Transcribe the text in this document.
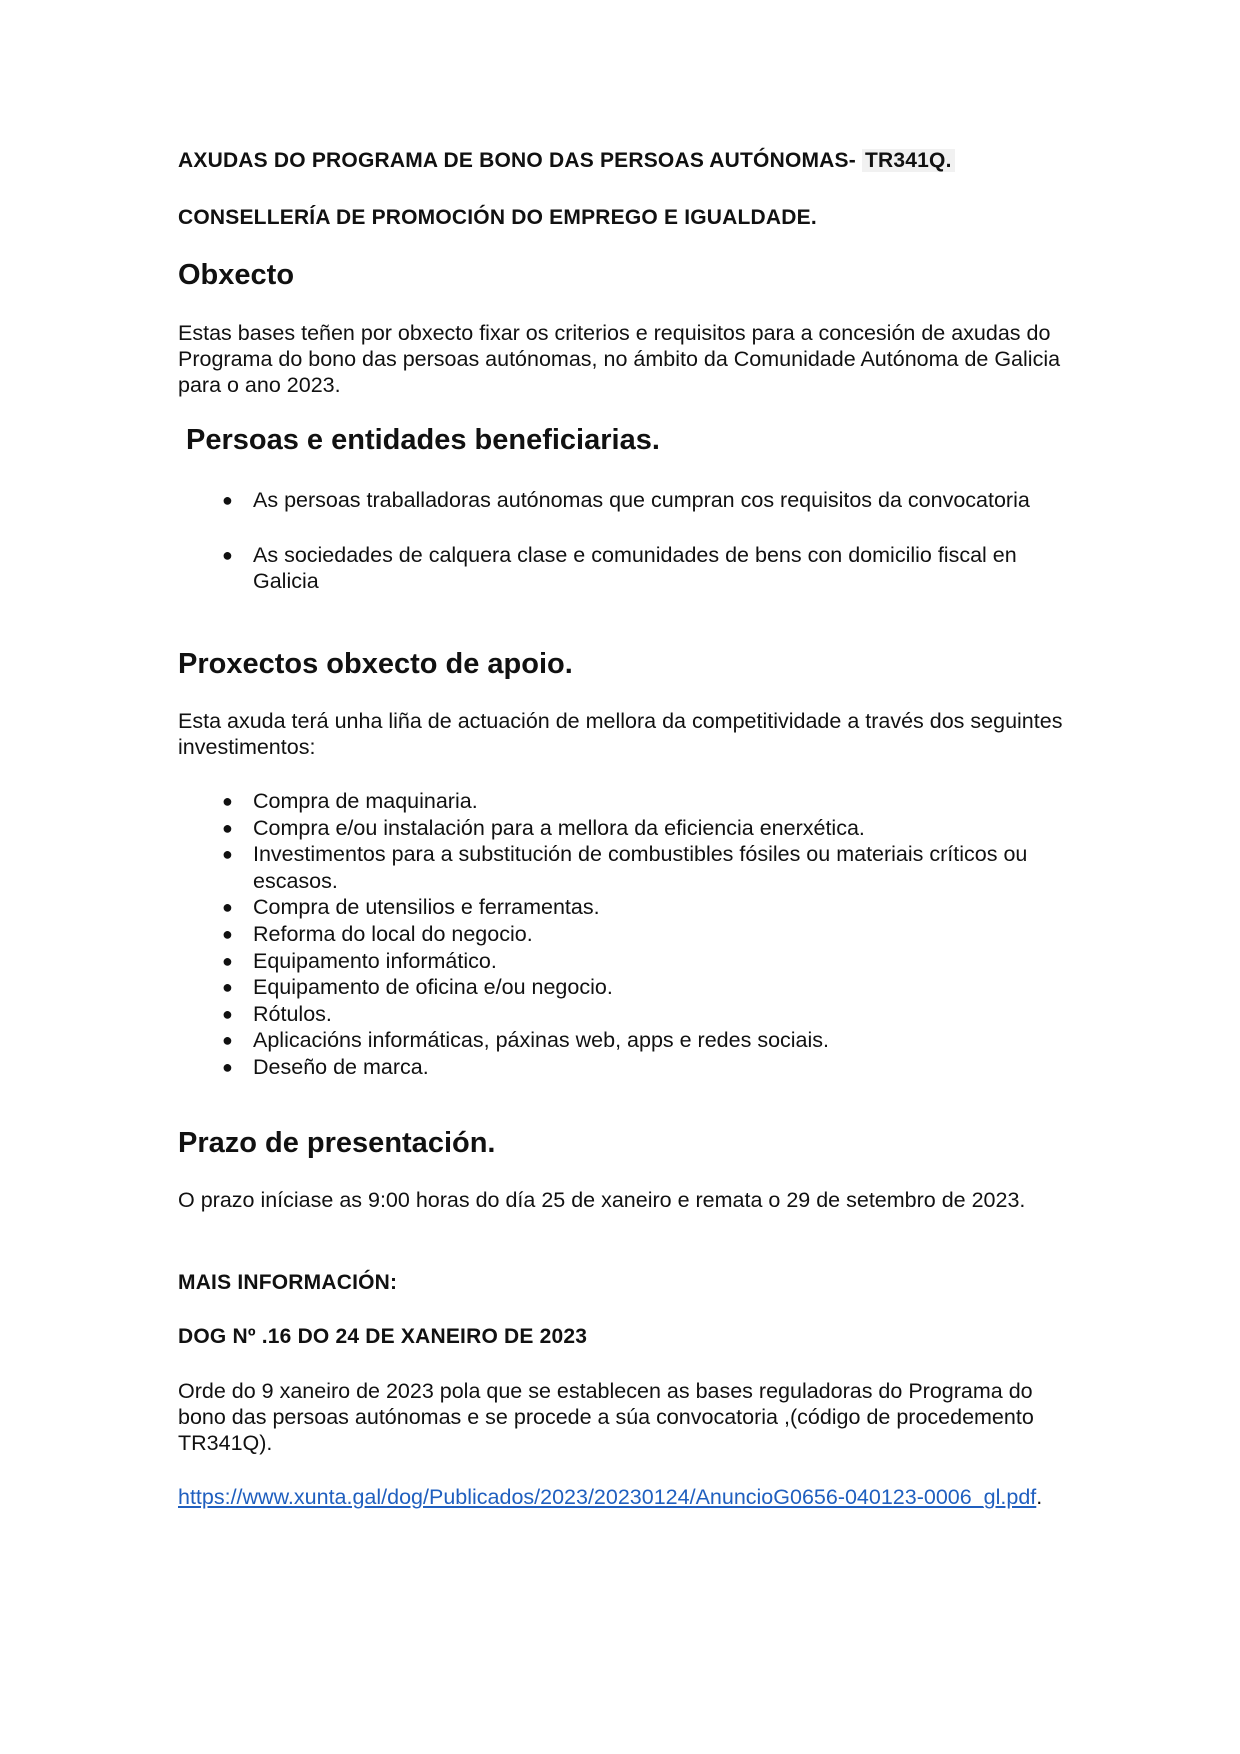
AXUDAS DO PROGRAMA DE BONO DAS PERSOAS AUTÓNOMAS- TR341Q.
CONSELLERÍA DE PROMOCIÓN DO EMPREGO E IGUALDADE.
Obxecto
Estas bases teñen por obxecto fixar os criterios e requisitos para a concesión de axudas do Programa do bono das persoas autónomas, no ámbito da Comunidade Autónoma de Galicia para o ano 2023.
Persoas e entidades beneficiarias.
● As persoas traballadoras autónomas que cumpran cos requisitos da convocatoria
● As sociedades de calquera clase e comunidades de bens con domicilio fiscal en Galicia
Proxectos obxecto de apoio.
Esta axuda terá unha liña de actuación de mellora da competitividade a través dos seguintes investimentos:
● Compra de maquinaria.
● Compra e/ou instalación para a mellora da eficiencia enerxética.
● Investimentos para a substitución de combustibles fósiles ou materiais críticos ou escasos.
● Compra de utensilios e ferramentas.
● Reforma do local do negocio.
● Equipamento informático.
● Equipamento de oficina e/ou negocio.
● Rótulos.
● Aplicacións informáticas, páxinas web, apps e redes sociais.
● Deseño de marca.
Prazo de presentación.
O prazo iníciase as 9:00 horas do día 25 de xaneiro e remata o 29 de setembro de 2023.
MAIS INFORMACIÓN:
DOG Nº .16 DO 24 DE XANEIRO DE 2023
Orde do 9 xaneiro de 2023 pola que se establecen as bases reguladoras do Programa do bono das persoas autónomas e se procede a súa convocatoria ,(código de procedemento TR341Q).
https://www.xunta.gal/dog/Publicados/2023/20230124/AnuncioG0656-040123-0006_gl.pdf.
